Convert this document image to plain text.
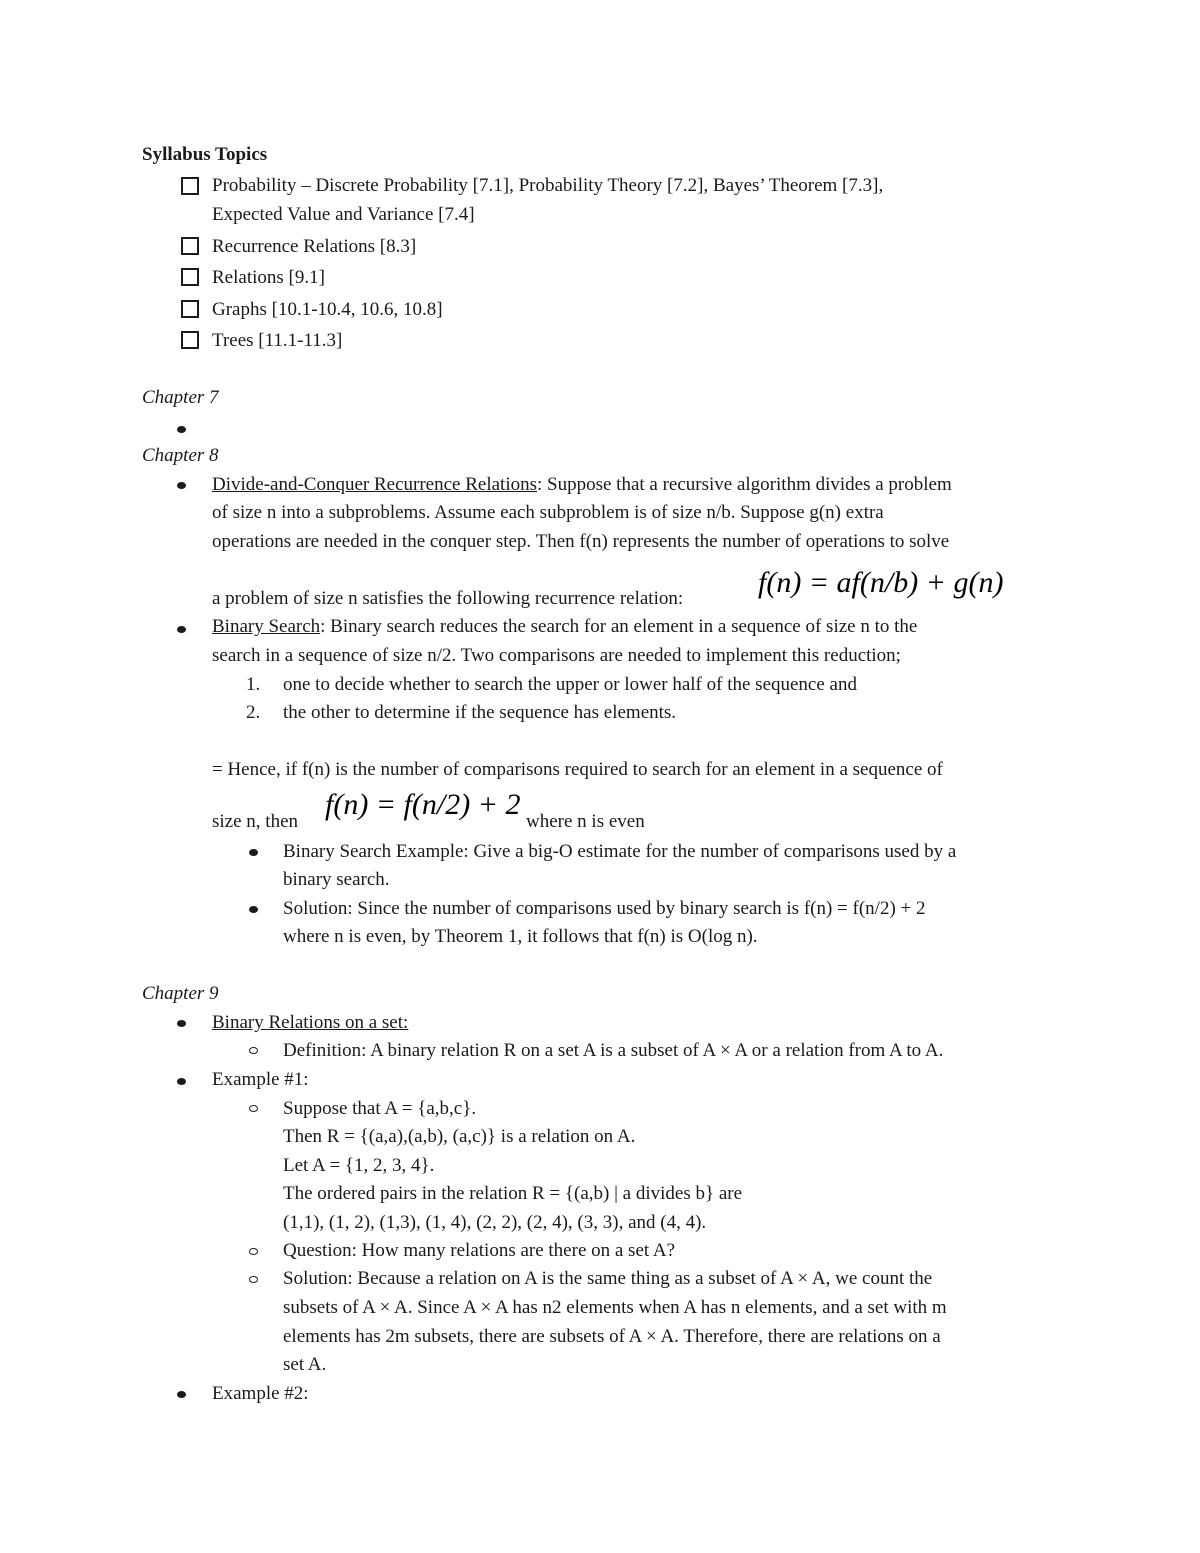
Syllabus Topics
Probability – Discrete Probability [7.1], Probability Theory [7.2], Bayes’ Theorem [7.3],
Expected Value and Variance [7.4]
Recurrence Relations [8.3]
Relations [9.1]
Graphs [10.1-10.4, 10.6, 10.8]
Trees [11.1-11.3]
Chapter 7
Chapter 8
Divide-and-Conquer Recurrence Relations: Suppose that a recursive algorithm divides a problem
of size n into a subproblems. Assume each subproblem is of size n/b. Suppose g(n) extra
operations are needed in the conquer step. Then f(n) represents the number of operations to solve
a problem of size n satisfies the following recurrence relation: f(n) = af(n/b) + g(n)
Binary Search: Binary search reduces the search for an element in a sequence of size n to the
search in a sequence of size n/2. Two comparisons are needed to implement this reduction;
1. one to decide whether to search the upper or lower half of the sequence and
2. the other to determine if the sequence has elements.
= Hence, if f(n) is the number of comparisons required to search for an element in a sequence of
size n, then
f(n) = f(n/2) + 2
where n is even
Binary Search Example: Give a big-O estimate for the number of comparisons used by a
binary search.
Solution: Since the number of comparisons used by binary search is f(n) = f(n/2) + 2
where n is even, by Theorem 1, it follows that f(n) is O(log n).
Chapter 9
Binary Relations on a set:
Definition: A binary relation R on a set A is a subset of A × A or a relation from A to A.
Example #1:
Suppose that A = {a,b,c}.
Then R = {(a,a),(a,b), (a,c)} is a relation on A.
Let A = {1, 2, 3, 4}.
The ordered pairs in the relation R = {(a,b) | a divides b} are
(1,1), (1, 2), (1,3), (1, 4), (2, 2), (2, 4), (3, 3), and (4, 4).
Question: How many relations are there on a set A?
Solution: Because a relation on A is the same thing as a subset of A × A, we count the
subsets of A × A. Since A × A has n2 elements when A has n elements, and a set with m
elements has 2m subsets, there are subsets of A × A. Therefore, there are relations on a
set A.
Example #2:
